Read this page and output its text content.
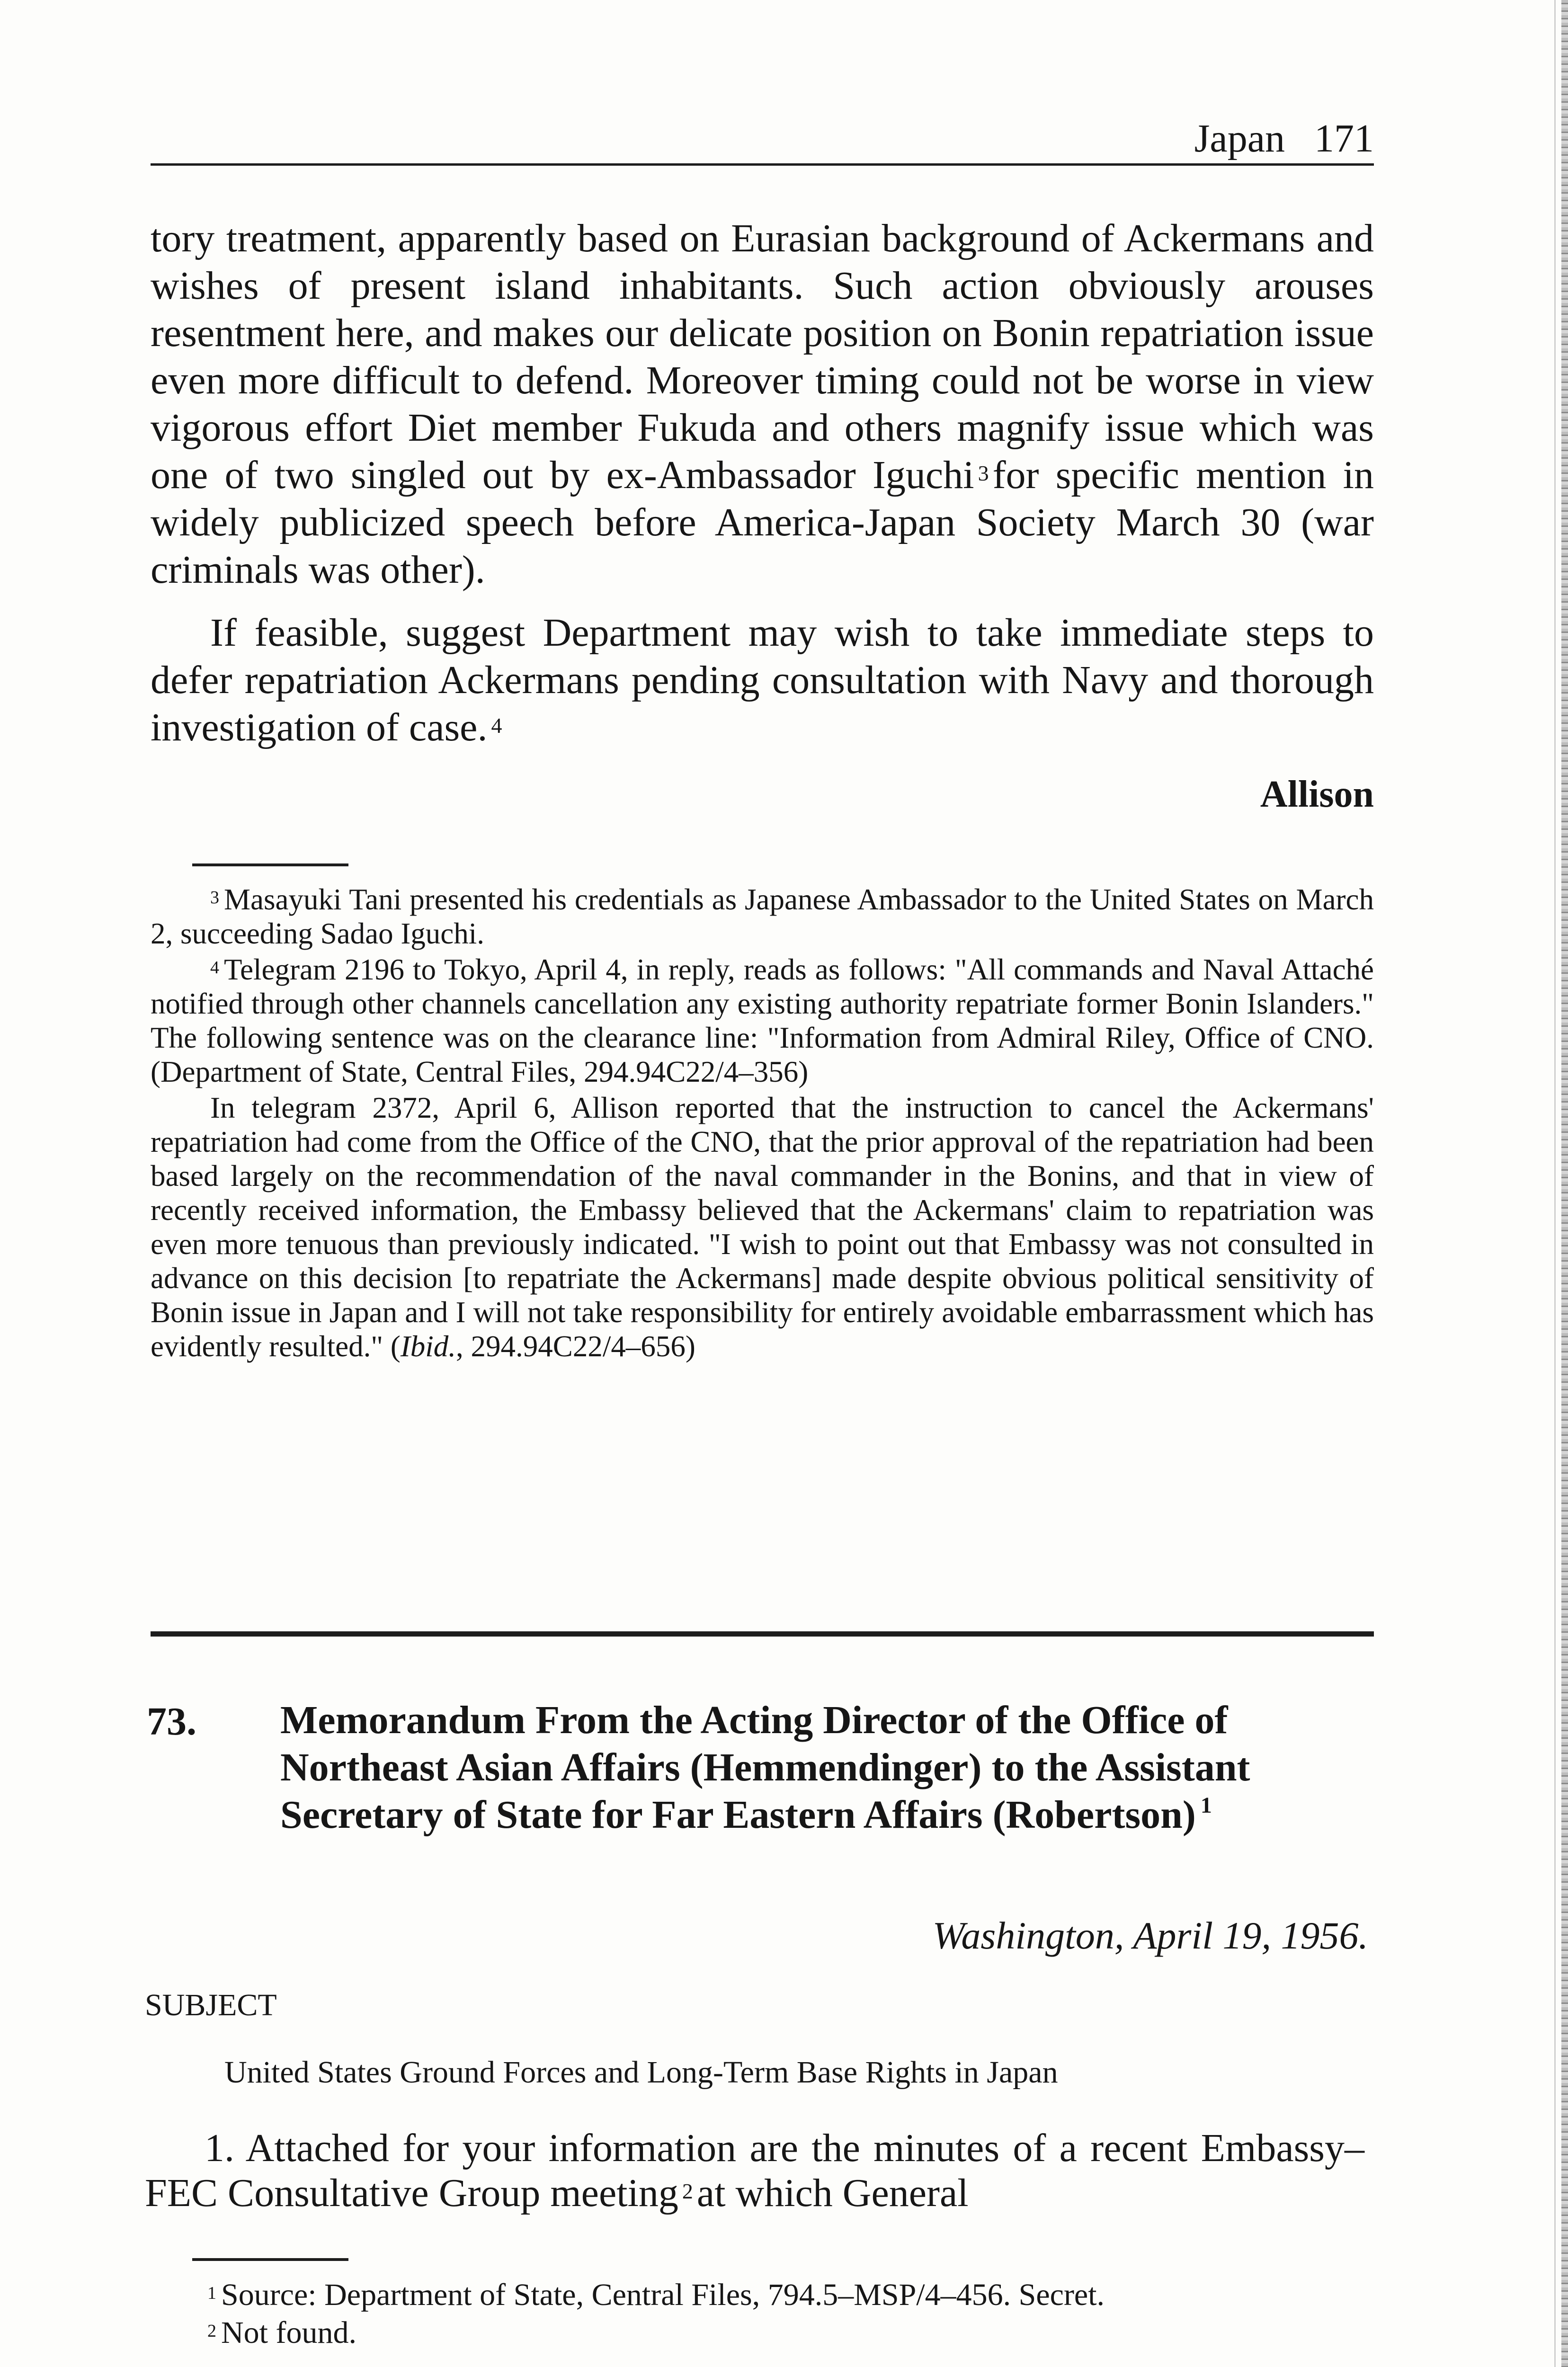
Japan 171

tory treatment, apparently based on Eurasian background of Ackermans and wishes of present island inhabitants. Such action obviously arouses resentment here, and makes our delicate position on Bonin repatriation issue even more difficult to defend. Moreover timing could not be worse in view vigorous effort Diet member Fukuda and others magnify issue which was one of two singled out by ex-Ambassador Iguchi $^3$for specific mention in widely publicized speech before America-Japan Society March 30 (war criminals was other).

If feasible, suggest Department may wish to take immediate steps to defer repatriation Ackermans pending consultation with Navy and thorough investigation of case. $^4$

Allison

$^3$ Masayuki Tani presented his credentials as Japanese Ambassador to the United States on March 2, succeeding Sadao Iguchi.

$^4$ Telegram 2196 to Tokyo, April 4, in reply, reads as follows: "All commands and Naval Attaché notified through other channels cancellation any existing authority repatriate former Bonin Islanders." The following sentence was on the clearance line: "Information from Admiral Riley, Office of CNO. (Department of State, Central Files, 294.94C22/4–356)

In telegram 2372, April 6, Allison reported that the instruction to cancel the Ackermans' repatriation had come from the Office of the CNO, that the prior approval of the repatriation had been based largely on the recommendation of the naval commander in the Bonins, and that in view of recently received information, the Embassy believed that the Ackermans' claim to repatriation was even more tenuous than previously indicated. "I wish to point out that Embassy was not consulted in advance on this decision [to repatriate the Ackermans] made despite obvious political sensitivity of Bonin issue in Japan and I will not take responsibility for entirely avoidable embarrassment which has evidently resulted." (Ibid., 294.94C22/4–656)

73. Memorandum From the Acting Director of the Office of Northeast Asian Affairs (Hemmendinger) to the Assistant Secretary of State for Far Eastern Affairs (Robertson) $^1$

Washington, April 19, 1956.

SUBJECT

United States Ground Forces and Long-Term Base Rights in Japan

1. Attached for your information are the minutes of a recent Embassy–FEC Consultative Group meeting $^2$at which General

$^1$ Source: Department of State, Central Files, 794.5–MSP/4–456. Secret.

$^2$ Not found.
